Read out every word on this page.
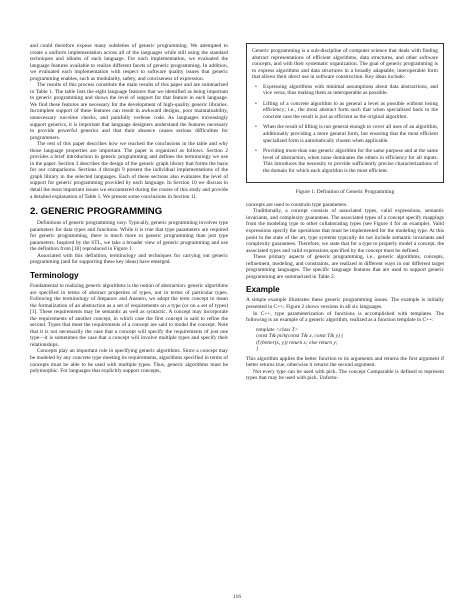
and could therefore expose many subtleties of generic programming. We attempted to create a uniform implementation across all of the languages while still using the standard techniques and idioms of each language. For each implementation, we evaluated the language features available to realize different facets of generic programming. In addition, we evaluated each implementation with respect to software quality issues that generic programming enables, such as modularity, safety, and conciseness of expression.

The results of this process constitute the main results of this paper and are summarized in Table 1. The table lists the eight language features that we identified as being important to generic programming and shows the level of support for that feature in each language. We find these features are necessary for the development of high-quality generic libraries. Incomplete support of these features can result in awkward designs, poor maintainability, unnecessary run-time checks, and painfully verbose code. As languages increasingly support generics, it is important that language designers understand the features necessary to provide powerful generics and that their absence causes serious difficulties for programmers.

The rest of this paper describes how we reached the conclusions in the table and why those language properties are important. The paper is organized as follows. Section 2 provides a brief introduction to generic programming and defines the terminology we use in the paper. Section 3 describes the design of the generic graph library that forms the basis for our comparisons. Sections 4 through 9 present the individual implementations of the graph library in the selected languages. Each of these sections also evaluates the level of support for generic programming provided by each language. In Section 10 we discuss in detail the most important issues we encountered during the course of this study and provide a detailed explanation of Table 1. We present some conclusions in Section 11.

2. GENERIC PROGRAMMING

Definitions of generic programming vary. Typically, generic programming involves type parameters for data types and functions. While it is true that type parameters are required for generic programming, there is much more to generic programming than just type parameters. Inspired by the STL, we take a broader view of generic programming and use the definition from [18] reproduced in Figure 1.

Associated with this definition, terminology and techniques for carrying out generic programming (and for supporting these key ideas) have emerged.

Terminology

Fundamental to realizing generic algorithms is the notion of abstraction: generic algorithms are specified in terms of abstract properties of types, not in terms of particular types. Following the terminology of Stepanov and Austern, we adopt the term concept to mean the formalization of an abstraction as a set of requirements on a type (or on a set of types) [1]. These requirements may be semantic as well as syntactic. A concept may incorporate the requirements of another concept, in which case the first concept is said to refine the second. Types that meet the requirements of a concept are said to model the concept. Note that it is not necessarily the case that a concept will specify the requirements of just one type—it is sometimes the case that a concept will involve multiple types and specify their relationships.

Concepts play an important role in specifying generic algorithms. Since a concept may be modeled by any concrete type meeting its requirements, algorithms specified in terms of concepts must be able to be used with multiple types. Thus, generic algorithms must be polymorphic. For languages that explicitly support concepts,

Generic programming is a sub-discipline of computer science that deals with finding abstract representations of efficient algorithms, data structures, and other software concepts, and with their systematic organization. The goal of generic programming is to express algorithms and data structures in a broadly adaptable, interoperable form that allows their direct use in software construction. Key ideas include:
• Expressing algorithms with minimal assumptions about data abstractions, and vice versa, thus making them as interoperable as possible.
• Lifting of a concrete algorithm to as general a level as possible without losing efficiency; i.e., the most abstract form such that when specialized back to the concrete case the result is just as efficient as the original algorithm.
• When the result of lifting is not general enough to cover all uses of an algorithm, additionally providing a more general form, but ensuring that the most efficient specialized form is automatically chosen when applicable.
• Providing more than one generic algorithm for the same purpose and at the same level of abstraction, when none dominates the others in efficiency for all inputs. This introduces the necessity to provide sufficiently precise characterizations of the domain for which each algorithm is the most efficient.
Figure 1: Definition of Generic Programming

concepts are used to constrain type parameters.

Traditionally, a concept consists of associated types, valid expressions, semantic invariants, and complexity guarantees. The associated types of a concept specify mappings from the modeling type to other collaborating types (see Figure 4 for an example). Valid expressions specify the operations that must be implemented for the modeling type. At this point in the state of the art, type systems typically do not include semantic invariants and complexity guarantees. Therefore, we state that for a type to properly model a concept, the associated types and valid expressions specified by the concept must be defined.

These primary aspects of generic programming, i.e., generic algorithms, concepts, refinement, modeling, and constraints, are realized in different ways in our different target programming languages. The specific language features that are used to support generic programming are summarized in Table 2.

Example

A simple example illustrates these generic programming issues. The example is initially presented in C++; Figure 2 shows versions in all six languages.

In C++, type parameterization of functions is accomplished with templates. The following is an example of a generic algorithm, realized as a function template in C++:

template <class T>
const T& pick(const T& x, const T& y) {
if (better(x, y)) return x; else return y;
}

This algorithm applies the better function to its arguments and returns the first argument if better returns true, otherwise it returns the second argument.

Not every type can be used with pick. The concept Comparable is defined to represent types that may be used with pick. Unfortu-

116
